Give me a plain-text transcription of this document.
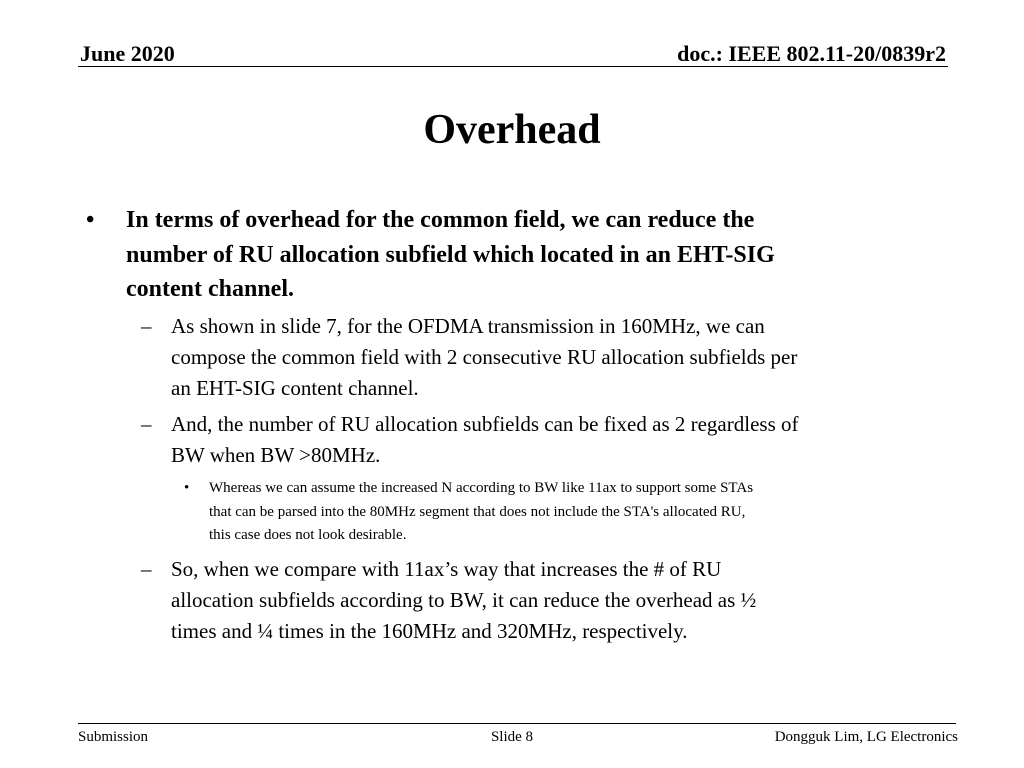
June 2020	doc.: IEEE 802.11-20/0839r2
Overhead
• In terms of overhead for the common field, we can reduce the
number of RU allocation subfield which located in an EHT-SIG
content channel.
– As shown in slide 7, for the OFDMA transmission in 160MHz, we can
compose the common field with 2 consecutive RU allocation subfields per
an EHT-SIG content channel.
– And, the number of RU allocation subfields can be fixed as 2 regardless of
BW when BW >80MHz.
• Whereas we can assume the increased N according to BW like 11ax to support some STAs
that can be parsed into the 80MHz segment that does not include the STA's allocated RU,
this case does not look desirable.
– So, when we compare with 11ax’s way that increases the # of RU
allocation subfields according to BW, it can reduce the overhead as ½
times and ¼ times in the 160MHz and 320MHz, respectively.
Submission	Slide 8	Dongguk Lim, LG Electronics
